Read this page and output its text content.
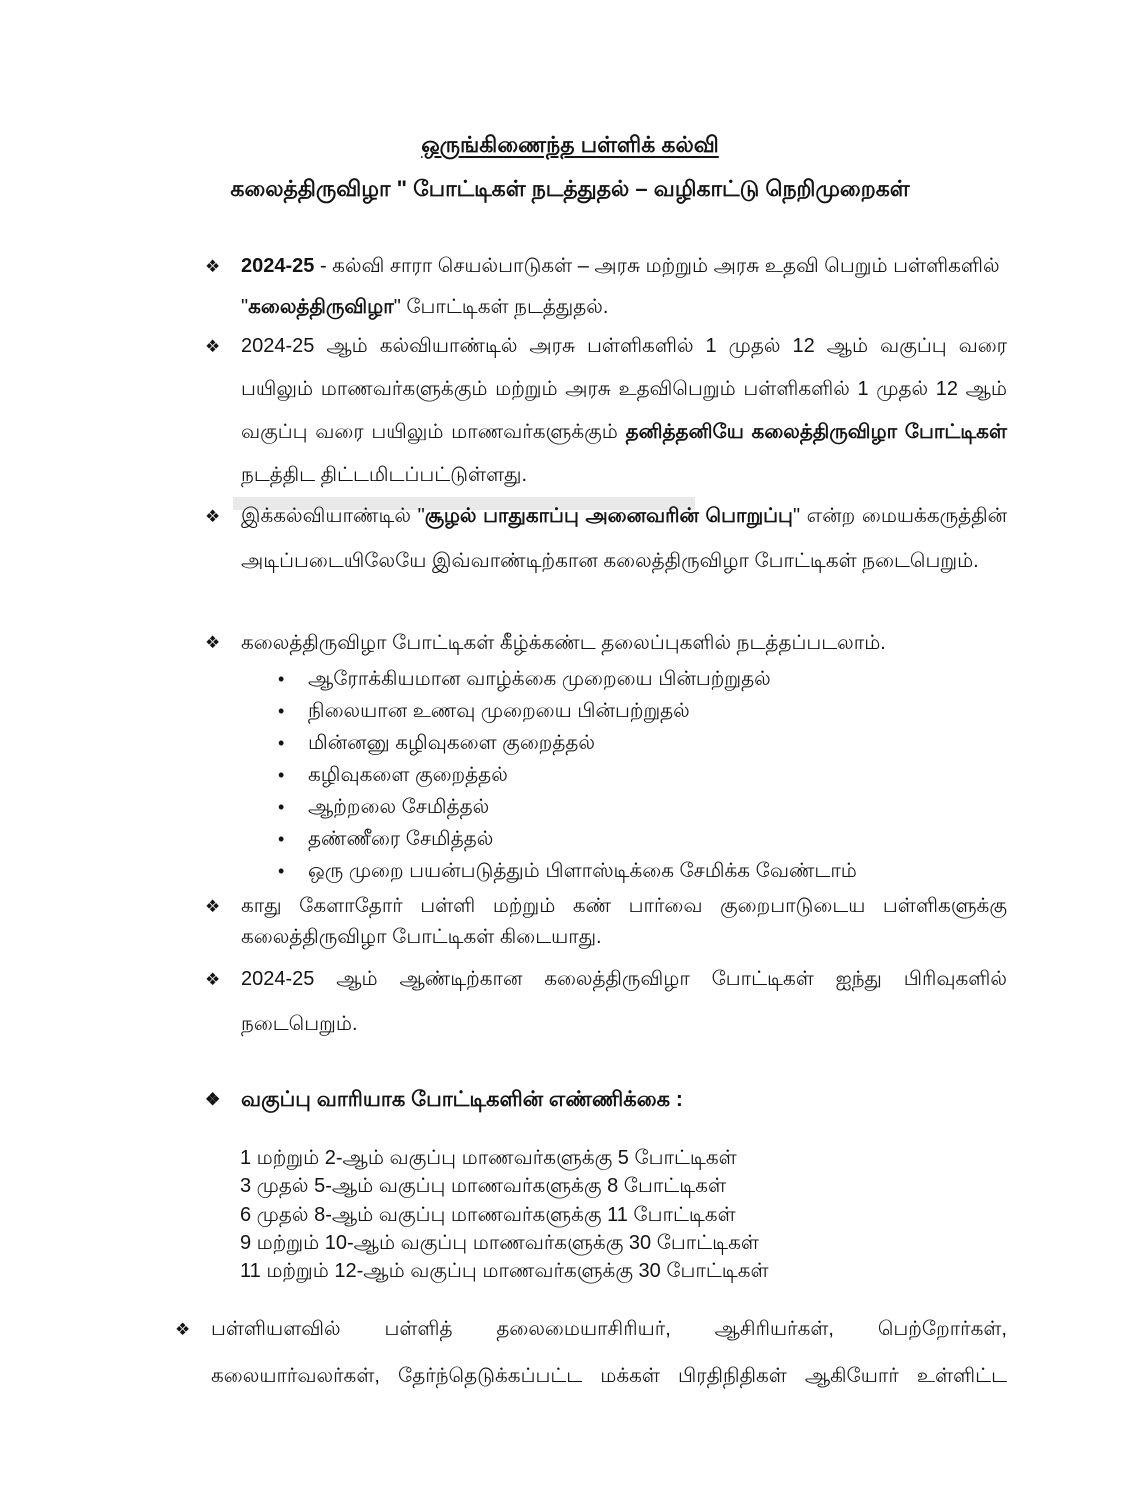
ஒருங்கிணைந்த பள்ளிக் கல்வி
கலைத்திருவிழா " போட்டிகள் நடத்துதல் – வழிகாட்டு நெறிமுறைகள்
❖	2024-25 - கல்வி சாரா செயல்பாடுகள் – அரசு மற்றும் அரசு உதவி பெறும் பள்ளிகளில் "கலைத்திருவிழா" போட்டிகள் நடத்துதல்.
❖	2024-25 ஆம் கல்வியாண்டில் அரசு பள்ளிகளில் 1 முதல் 12 ஆம் வகுப்பு வரை பயிலும் மாணவர்களுக்கும் மற்றும் அரசு உதவிபெறும் பள்ளிகளில் 1 முதல் 12 ஆம் வகுப்பு வரை பயிலும் மாணவர்களுக்கும் தனித்தனியே கலைத்திருவிழா போட்டிகள் நடத்திட திட்டமிடப்பட்டுள்ளது.
❖	இக்கல்வியாண்டில் "சூழல் பாதுகாப்பு அனைவரின் பொறுப்பு" என்ற மையக்கருத்தின் அடிப்படையிலேயே இவ்வாண்டிற்கான கலைத்திருவிழா போட்டிகள் நடைபெறும்.
❖	கலைத்திருவிழா போட்டிகள் கீழ்க்கண்ட தலைப்புகளில் நடத்தப்படலாம்.
•	ஆரோக்கியமான வாழ்க்கை முறையை பின்பற்றுதல்
•	நிலையான உணவு முறையை பின்பற்றுதல்
•	மின்னனு கழிவுகளை குறைத்தல்
•	கழிவுகளை குறைத்தல்
•	ஆற்றலை சேமித்தல்
•	தண்ணீரை சேமித்தல்
•	ஒரு முறை பயன்படுத்தும் பிளாஸ்டிக்கை சேமிக்க வேண்டாம்
❖	காது கேளாதோர் பள்ளி மற்றும் கண் பார்வை குறைபாடுடைய பள்ளிகளுக்கு கலைத்திருவிழா போட்டிகள் கிடையாது.
❖	2024-25 ஆம் ஆண்டிற்கான கலைத்திருவிழா போட்டிகள் ஐந்து பிரிவுகளில் நடைபெறும்.
❖ வகுப்பு வாரியாக போட்டிகளின் எண்ணிக்கை :
1 மற்றும் 2-ஆம் வகுப்பு மாணவர்களுக்கு 5 போட்டிகள்
3 முதல் 5-ஆம் வகுப்பு மாணவர்களுக்கு 8 போட்டிகள்
6 முதல் 8-ஆம் வகுப்பு மாணவர்களுக்கு 11 போட்டிகள்
9 மற்றும் 10-ஆம் வகுப்பு மாணவர்களுக்கு 30 போட்டிகள்
11 மற்றும் 12-ஆம் வகுப்பு மாணவர்களுக்கு 30 போட்டிகள்
❖	பள்ளியளவில் பள்ளித் தலைமையாசிரியர், ஆசிரியர்கள், பெற்றோர்கள், கலையார்வலர்கள், தேர்ந்தெடுக்கப்பட்ட மக்கள் பிரதிநிதிகள் ஆகியோர் உள்ளிட்ட
